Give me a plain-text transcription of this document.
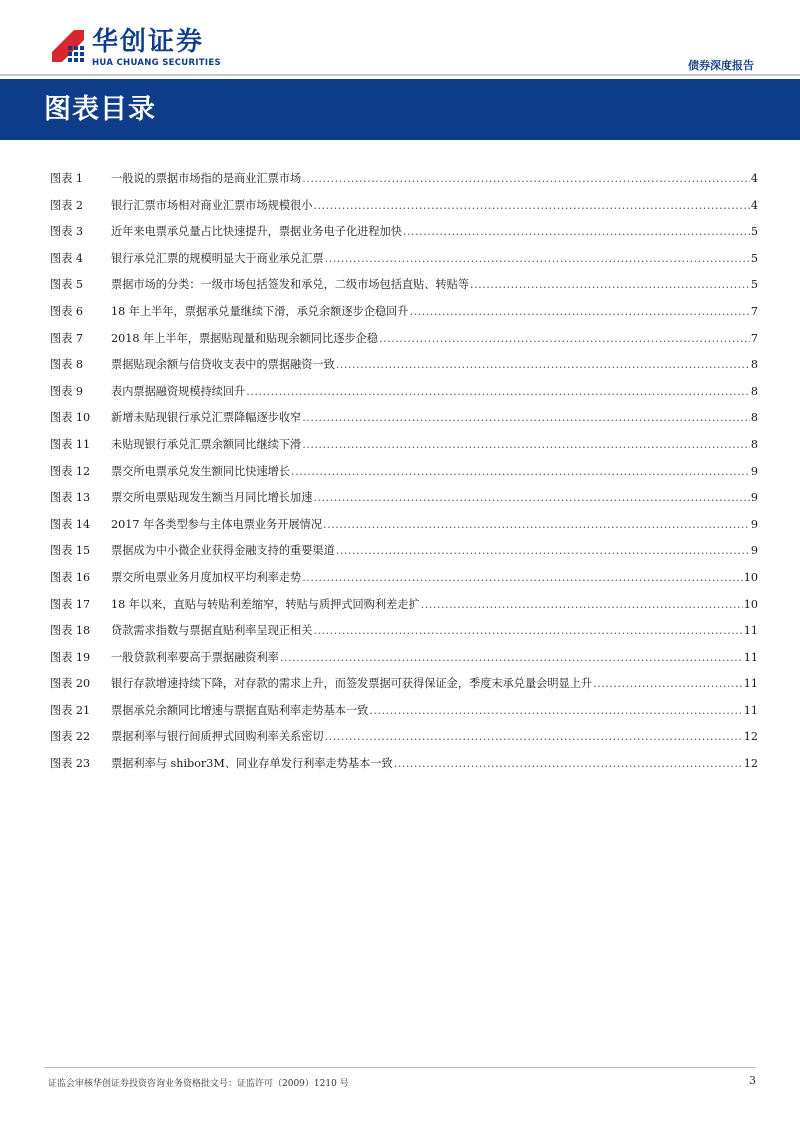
华创证券
HUA CHUANG SECURITIES	债券深度报告
图表目录
图表 1	一般说的票据市场指的是商业汇票市场 .....	4
图表 2	银行汇票市场相对商业汇票市场规模很小 .....	4
图表 3	近年来电票承兑量占比快速提升，票据业务电子化进程加快 .....	5
图表 4	银行承兑汇票的规模明显大于商业承兑汇票 .....	5
图表 5	票据市场的分类：一级市场包括签发和承兑，二级市场包括直贴、转贴等 .....	5
图表 6	18 年上半年，票据承兑量继续下滑，承兑余额逐步企稳回升 .....	7
图表 7	2018 年上半年，票据贴现量和贴现余额同比逐步企稳 .....	7
图表 8	票据贴现余额与信贷收支表中的票据融资一致 .....	8
图表 9	表内票据融资规模持续回升 .....	8
图表 10	新增未贴现银行承兑汇票降幅逐步收窄 .....	8
图表 11	未贴现银行承兑汇票余额同比继续下滑 .....	8
图表 12	票交所电票承兑发生额同比快速增长 .....	9
图表 13	票交所电票贴现发生额当月同比增长加速 .....	9
图表 14	2017 年各类型参与主体电票业务开展情况 .....	9
图表 15	票据成为中小微企业获得金融支持的重要渠道 .....	9
图表 16	票交所电票业务月度加权平均利率走势 .....	10
图表 17	18 年以来，直贴与转贴利差缩窄，转贴与质押式回购利差走扩 .....	10
图表 18	贷款需求指数与票据直贴利率呈现正相关 .....	11
图表 19	一般贷款利率要高于票据融资利率 .....	11
图表 20	银行存款增速持续下降，对存款的需求上升，而签发票据可获得保证金，季度末承兑量会明显上升 .....	11
图表 21	票据承兑余额同比增速与票据直贴利率走势基本一致 .....	11
图表 22	票据利率与银行间质押式回购利率关系密切 .....	12
图表 23	票据利率与 shibor3M、同业存单发行利率走势基本一致 .....	12
证监会审核华创证券投资咨询业务资格批文号：证监许可（2009）1210 号	3
